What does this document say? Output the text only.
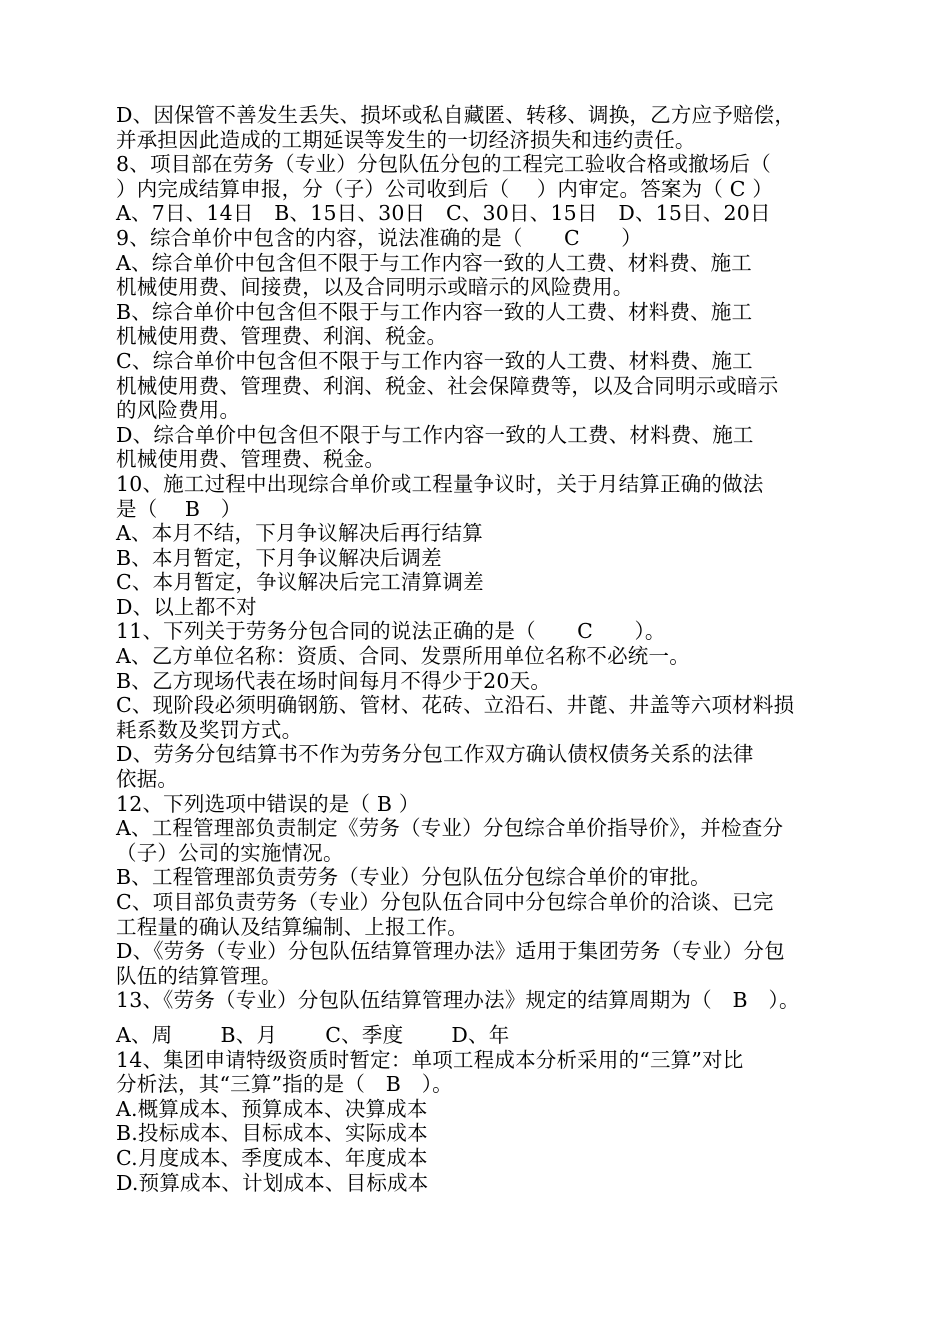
D、因保管不善发生丢失、损坏或私自藏匿、转移、调换，乙方应予赔偿，
并承担因此造成的工期延误等发生的一切经济损失和违约责任。
8、项目部在劳务（专业）分包队伍分包的工程完工验收合格或撤场后（
）内完成结算申报，分（子）公司收到后（　 ）内审定。答案为（ C ）
A、7日、14日　B、15日、30日　C、30日、15日　D、15日、20日
9、综合单价中包含的内容，说法准确的是（　　C　　）
A、综合单价中包含但不限于与工作内容一致的人工费、材料费、施工
机械使用费、间接费，以及合同明示或暗示的风险费用。
B、综合单价中包含但不限于与工作内容一致的人工费、材料费、施工
机械使用费、管理费、利润、税金。
C、综合单价中包含但不限于与工作内容一致的人工费、材料费、施工
机械使用费、管理费、利润、税金、社会保障费等，以及合同明示或暗示
的风险费用。
D、综合单价中包含但不限于与工作内容一致的人工费、材料费、施工
机械使用费、管理费、税金。
10、施工过程中出现综合单价或工程量争议时，关于月结算正确的做法
是（　 B　）
A、本月不结，下月争议解决后再行结算
B、本月暂定，下月争议解决后调差
C、本月暂定，争议解决后完工清算调差
D、以上都不对
11、下列关于劳务分包合同的说法正确的是（　　C　　）。
A、乙方单位名称：资质、合同、发票所用单位名称不必统一。
B、乙方现场代表在场时间每月不得少于20天。
C、现阶段必须明确钢筋、管材、花砖、立沿石、井蓖、井盖等六项材料损
耗系数及奖罚方式。
D、劳务分包结算书不作为劳务分包工作双方确认债权债务关系的法律
依据。
12、下列选项中错误的是（ B ）
A、工程管理部负责制定《劳务（专业）分包综合单价指导价》，并检查分
（子）公司的实施情况。
B、工程管理部负责劳务（专业）分包队伍分包综合单价的审批。
C、项目部负责劳务（专业）分包队伍合同中分包综合单价的洽谈、已完
工程量的确认及结算编制、上报工作。
D、《劳务（专业）分包队伍结算管理办法》适用于集团劳务（专业）分包
队伍的结算管理。
13、《劳务（专业）分包队伍结算管理办法》规定的结算周期为（　B　）。
A、周　　 B、月　　 C、季度　　 D、年
14、集团申请特级资质时暂定：单项工程成本分析采用的“三算”对比
分析法，其“三算”指的是（　B　）。
A.概算成本、预算成本、决算成本
B.投标成本、目标成本、实际成本
C.月度成本、季度成本、年度成本
D.预算成本、计划成本、目标成本
